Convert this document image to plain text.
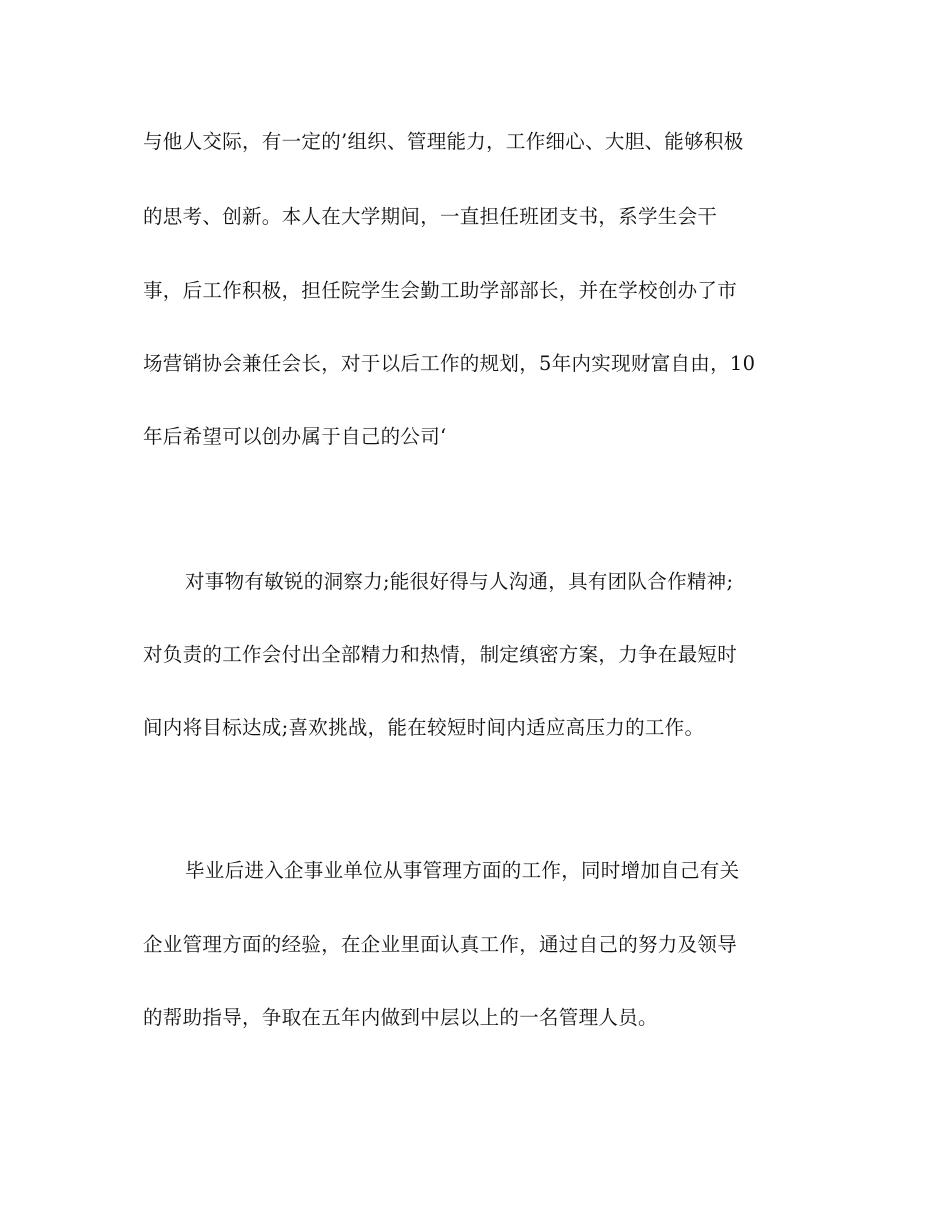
与他人交际，有一定的’组织、管理能力，工作细心、大胆、能够积极
的思考、创新。本人在大学期间，一直担任班团支书，系学生会干
事，后工作积极，担任院学生会勤工助学部部长，并在学校创办了市
场营销协会兼任会长，对于以后工作的规划，5年内实现财富自由，10
年后希望可以创办属于自己的公司‘
对事物有敏锐的洞察力;能很好得与人沟通，具有团队合作精神;
对负责的工作会付出全部精力和热情，制定缜密方案，力争在最短时
间内将目标达成;喜欢挑战，能在较短时间内适应高压力的工作。
毕业后进入企事业单位从事管理方面的工作，同时增加自己有关
企业管理方面的经验，在企业里面认真工作，通过自己的努力及领导
的帮助指导，争取在五年内做到中层以上的一名管理人员。
